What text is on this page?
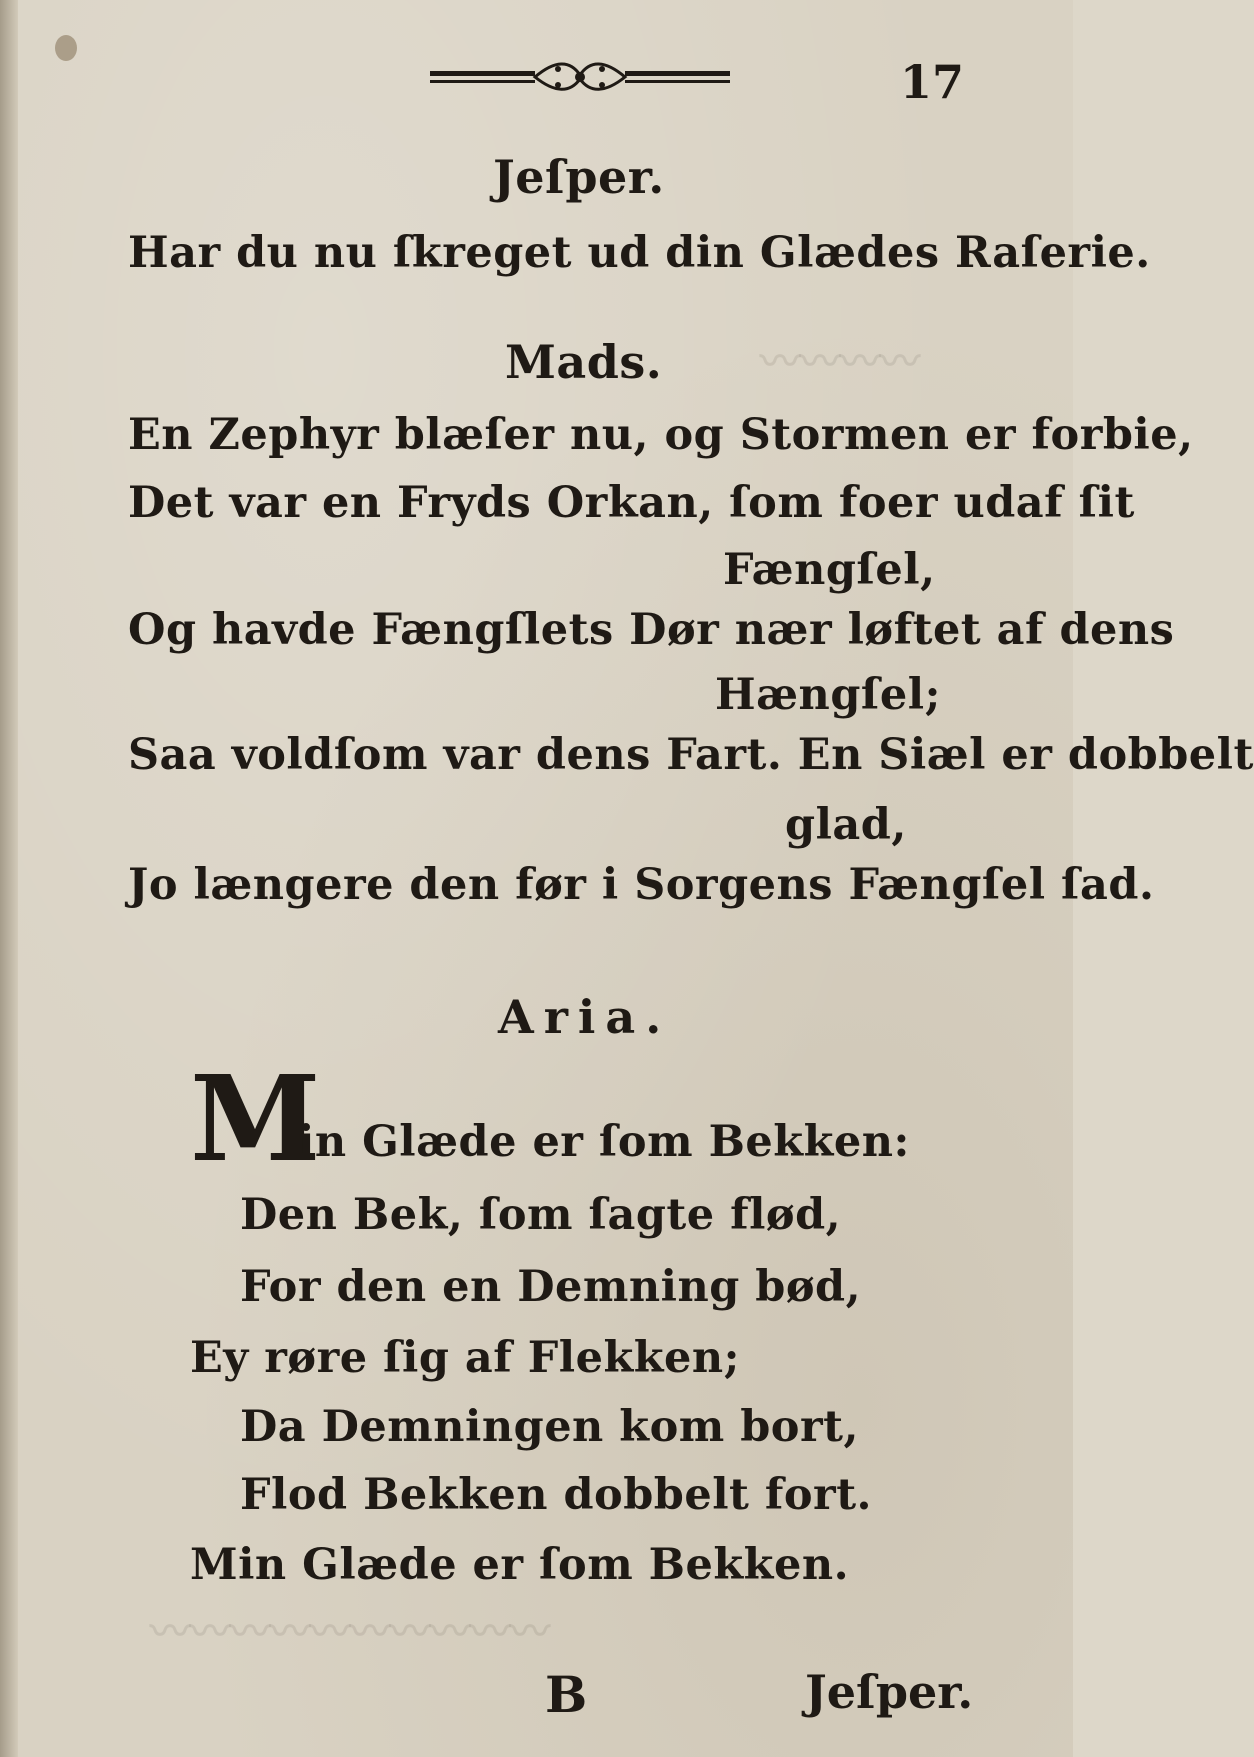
17
〰〰〰〰
〰〰〰〰〰〰〰〰〰〰
Jeſper.
Har du nu ſkreget ud din Glædes Raſerie.
Mads.
En Zephyr blæſer nu, og Stormen er forbie,
Det var en Fryds Orkan, ſom foer udaf ſit
Fængſel,
Og havde Fængſlets Dør nær løftet af dens
Hængſel;
Saa voldſom var dens Fart. En Siæl er dobbelt
glad,
Jo længere den før i Sorgens Fængſel ſad.
Aria.
M
in Glæde er ſom Bekken:
Den Bek, ſom ſagte flød,
For den en Demning bød,
Ey røre ſig af Flekken;
Da Demningen kom bort,
Flod Bekken dobbelt fort.
Min Glæde er ſom Bekken.
B	Jeſper.
